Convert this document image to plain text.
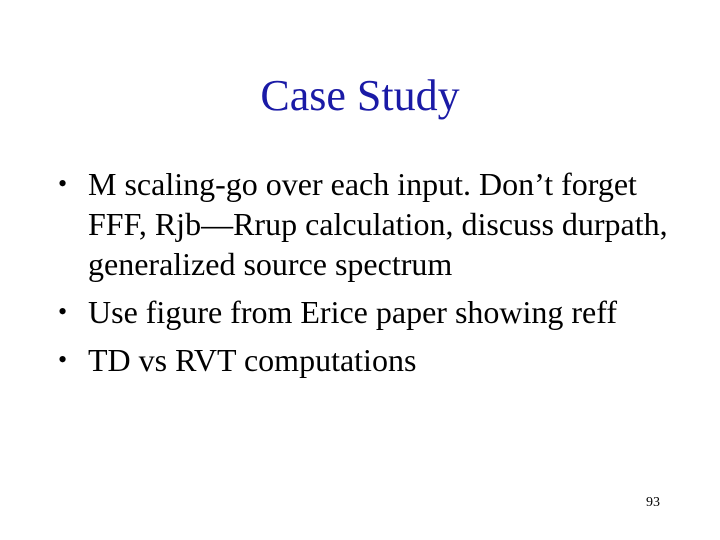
Case Study
• M scaling-go over each input. Don’t forget FFF, Rjb—Rrup calculation, discuss durpath, generalized source spectrum
• Use figure from Erice paper showing reff
• TD vs RVT computations
93
